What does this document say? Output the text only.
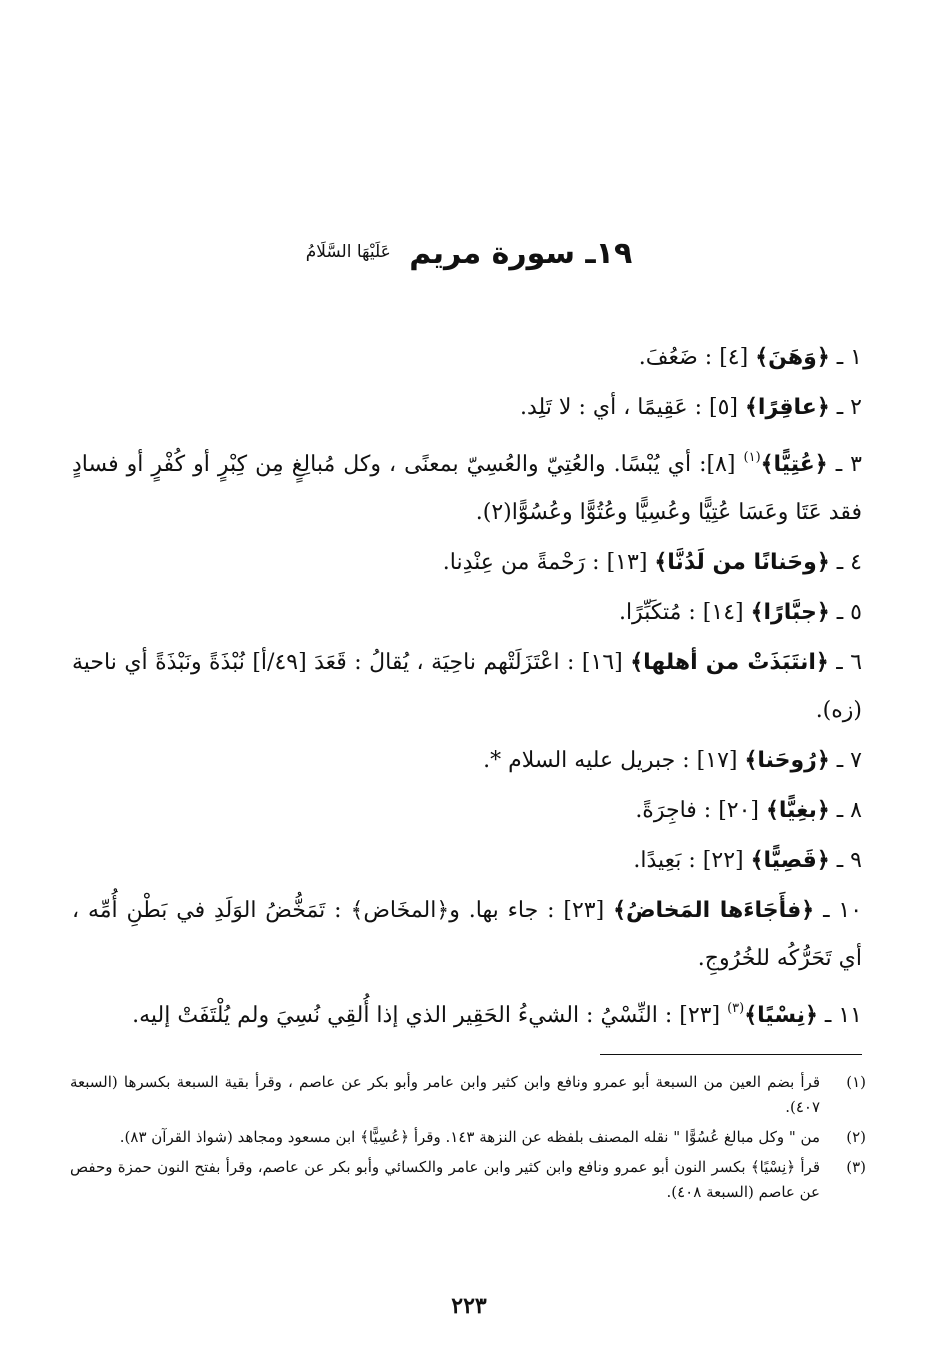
١٩ـ سورة مريم $^{عَلَيْهَا السَّلَامُ}$

١ ـ ﴿وَهَنَ﴾ [٤] : ضَعُفَ.

٢ ـ ﴿عاقِرًا﴾ [٥] : عَقِيمًا ، أي : لا تَلِد.

٣ ـ ﴿عُتِيًّا﴾$^{(١)}$ [٨]: أي يُبْسًا. والعُتِيّ والعُسِيّ بمعنًى ، وكل مُبالِغٍ مِن كِبْرٍ أو كُفْرٍ أو فسادٍ فقد عَتَا وعَسَا عُتِيًّا وعُسِيًّا وعُتُوًّا وعُسُوًّا(٢).

٤ ـ ﴿وحَنانًا من لَدُنَّا﴾ [١٣] : رَحْمةً من عِنْدِنا.

٥ ـ ﴿جبَّارًا﴾ [١٤] : مُتكَبِّرًا.

٦ ـ ﴿انتَبَذَتْ من أهلها﴾ [١٦] : اعْتَزَلَتْهم ناحِيَة ، يُقالُ : قَعَدَ [٤٩/أ] نُبْذَةً ونَبْذَةً أي ناحية (زه).

٧ ـ ﴿رُوحَنا﴾ [١٧] : جبريل عليه السلام *.

٨ ـ ﴿بغِيًّا﴾ [٢٠] : فاجِرَةً.

٩ ـ ﴿قَصِيًّا﴾ [٢٢] : بَعِيدًا.

١٠ ـ ﴿فأَجَاءَها المَخاضُ﴾ [٢٣] : جاء بها. و﴿المخَاض﴾ : تَمَخُّضُ الوَلَدِ في بَطْنِ أُمِّه ، أي تَحَرُّكُه للخُرُوجِ.

١١ ـ ﴿نِسْيًا﴾$^{(٣)}$ [٢٣] : النِّسْيُ : الشيءُ الحَقِير الذي إذا أُلقِي نُسِيَ ولم يُلْتَفَتْ إليه.

(١)
قرأ بضم العين من السبعة أبو عمرو ونافع وابن كثير وابن عامر وأبو بكر عن عاصم ، وقرأ بقية السبعة بكسرها (السبعة ٤٠٧).
(٢)
من " وكل مبالغ عُسُوًّا " نقله المصنف بلفظه عن النزهة ١٤٣. وقرأ ﴿عُسِيًّا﴾ ابن مسعود ومجاهد (شواذ القرآن ٨٣).
(٣)
قرأ ﴿نِسْيًا﴾ بكسر النون أبو عمرو ونافع وابن كثير وابن عامر والكسائي وأبو بكر عن عاصم، وقرأ بفتح النون حمزة وحفص عن عاصم (السبعة ٤٠٨).
٢٢٣
